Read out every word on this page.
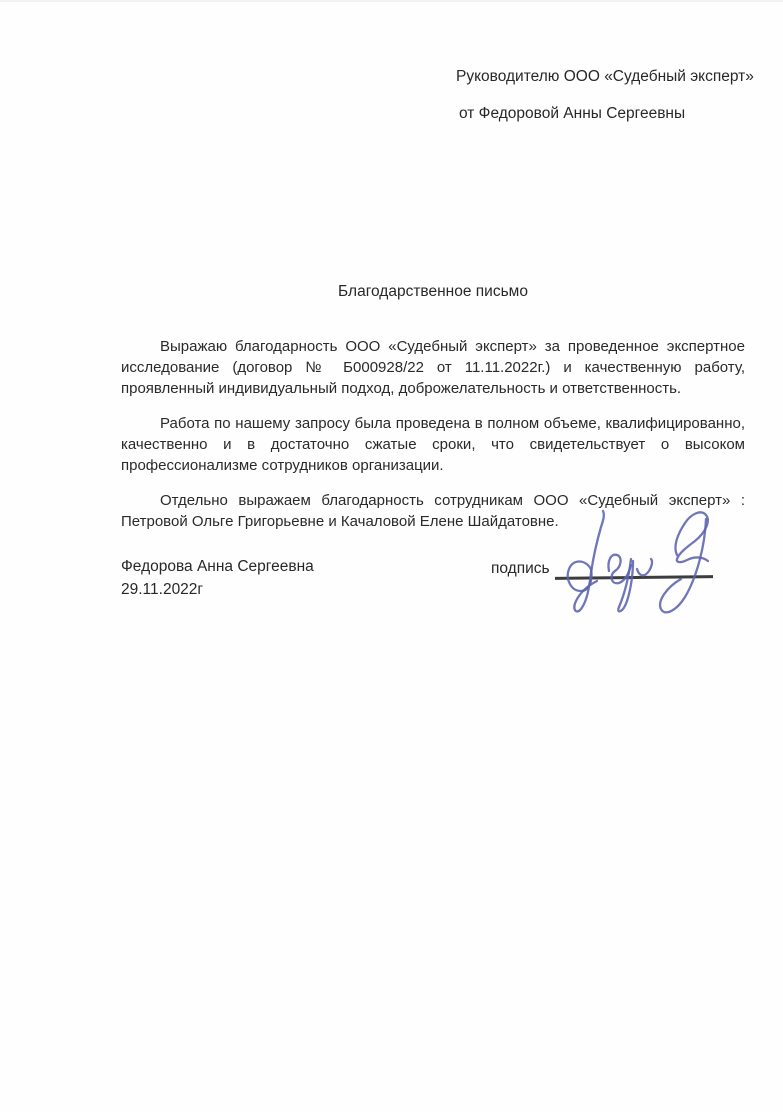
Руководителю ООО «Судебный эксперт»
от Федоровой Анны Сергеевны
Благодарственное письмо

Выражаю благодарность ООО «Судебный эксперт» за проведенное экспертное исследование (договор № Б000928/22 от 11.11.2022г.) и качественную работу, проявленный индивидуальный подход, доброжелательность и ответственность.

Работа по нашему запросу была проведена в полном объеме, квалифицированно, качественно и в достаточно сжатые сроки, что свидетельствует о высоком профессионализме сотрудников организации.

Отдельно выражаем благодарность сотрудникам ООО «Судебный эксперт» : Петровой Ольге Григорьевне и Качаловой Елене Шайдатовне.

Федорова Анна Сергеевна
29.11.2022г
подпись
